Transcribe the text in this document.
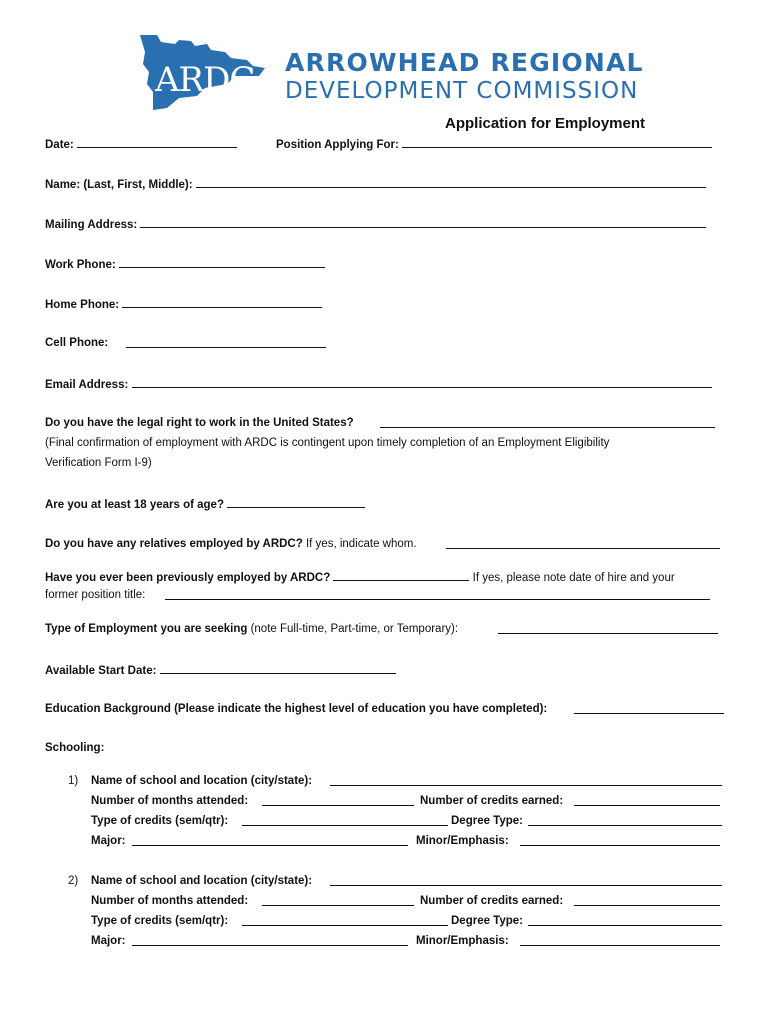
ARDC ARROWHEAD REGIONAL
DEVELOPMENT COMMISSION
Application for Employment
Date:	Position Applying For:
Name: (Last, First, Middle):
Mailing Address:
Work Phone:
Home Phone:
Cell Phone:
Email Address:
Do you have the legal right to work in the United States?
(Final confirmation of employment with ARDC is contingent upon timely completion of an Employment Eligibility
Verification Form I-9)
Are you at least 18 years of age?
Do you have any relatives employed by ARDC? If yes, indicate whom.
Have you ever been previously employed by ARDC?	If yes, please note date of hire and your
former position title:
Type of Employment you are seeking (note Full-time, Part-time, or Temporary):
Available Start Date:
Education Background (Please indicate the highest level of education you have completed):
Schooling:
1) Name of school and location (city/state):
Number of months attended:	Number of credits earned:
Type of credits (sem/qtr):	Degree Type:
Major:	Minor/Emphasis:
2) Name of school and location (city/state):
Number of months attended:	Number of credits earned:
Type of credits (sem/qtr):	Degree Type:
Major:	Minor/Emphasis:
